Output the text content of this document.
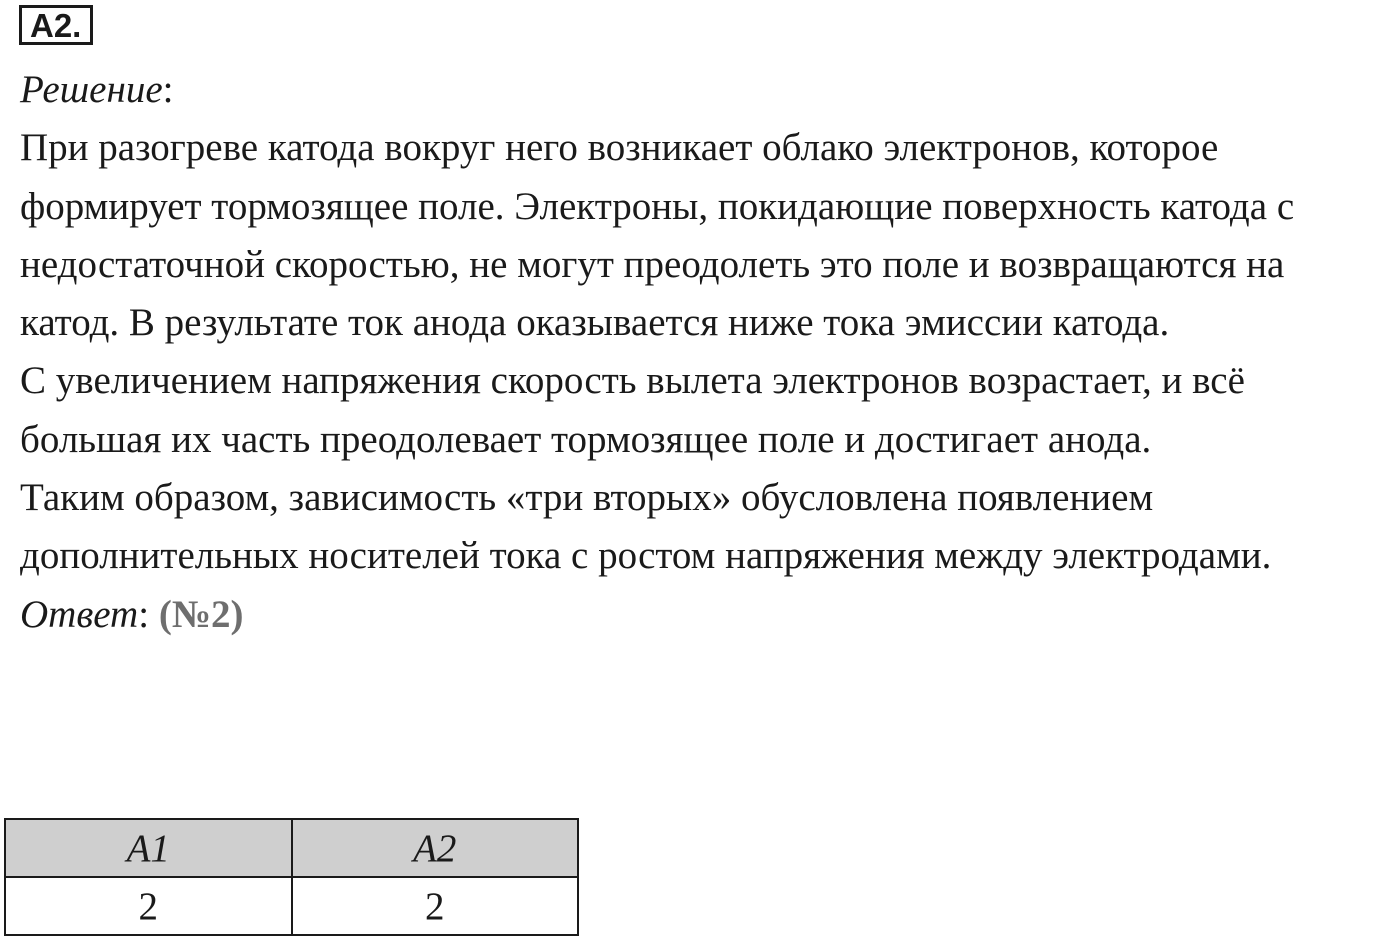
А2.
Решение:
При разогреве катода вокруг него возникает облако электронов, которое
формирует тормозящее поле. Электроны, покидающие поверхность катода с
недостаточной скоростью, не могут преодолеть это поле и возвращаются на
катод. В результате ток анода оказывается ниже тока эмиссии катода.
С увеличением напряжения скорость вылета электронов возрастает, и всё
большая их часть преодолевает тормозящее поле и достигает анода.
Таким образом, зависимость «три вторых» обусловлена появлением
дополнительных носителей тока с ростом напряжения между электродами.
Ответ: (№2)
А1	А2
2	2
